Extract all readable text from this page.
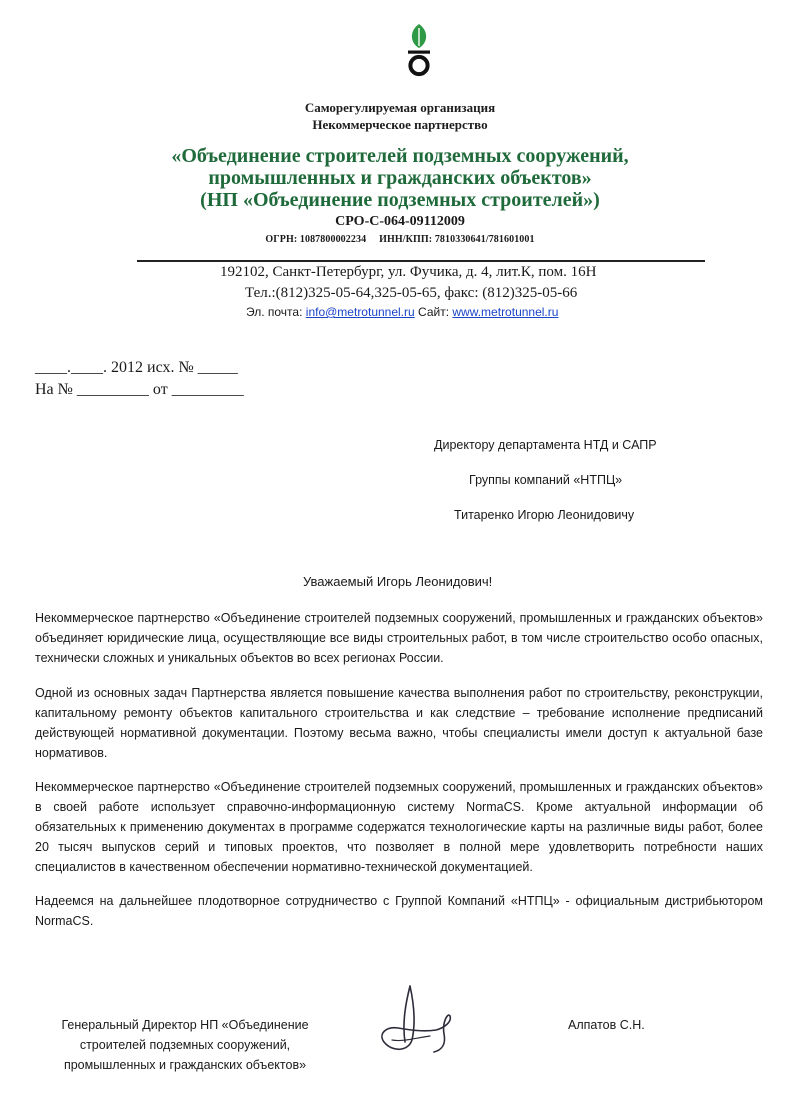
Саморегулируемая организация
Некоммерческое партнерство
«Объединение строителей подземных сооружений,
промышленных и гражданских объектов»
(НП «Объединение подземных строителей»)
СРО-С-064-09112009
ОГРН: 1087800002234     ИНН/КПП: 7810330641/781601001
192102, Санкт-Петербург, ул. Фучика, д. 4, лит.К, пом. 16Н
Тел.:(812)325-05-64,325-05-65, факс: (812)325-05-66
Эл. почта: info@metrotunnel.ru Сайт: www.metrotunnel.ru
____.____. 2012 исх. № _____
На № _________ от _________
Директору департамента НТД и САПР
Группы компаний «НТПЦ»
Титаренко Игорю Леонидовичу
Уважаемый Игорь Леонидович!
Некоммерческое партнерство «Объединение строителей подземных сооружений, промышленных и гражданских объектов» объединяет юридические лица, осуществляющие все виды строительных работ, в том числе строительство особо опасных, технически сложных и уникальных объектов во всех регионах России.
Одной из основных задач Партнерства является повышение качества выполнения работ по строительству, реконструкции, капитальному ремонту объектов капитального строительства и как следствие – требование исполнение предписаний действующей нормативной документации. Поэтому весьма важно, чтобы специалисты имели доступ к актуальной базе нормативов.
Некоммерческое партнерство «Объединение строителей подземных сооружений, промышленных и гражданских объектов» в своей работе использует справочно-информационную систему NormaCS. Кроме актуальной информации об обязательных к применению документах в программе содержатся технологические карты на различные виды работ, более 20 тысяч выпусков серий и типовых проектов, что позволяет в полной мере удовлетворить потребности наших специалистов в качественном обеспечении нормативно-технической документацией.
Надеемся на дальнейшее плодотворное сотрудничество с Группой Компаний «НТПЦ» - официальным дистрибьютором NormaCS.
Генеральный Директор НП «Объединение
строителей подземных сооружений,
промышленных и гражданских объектов»
Алпатов С.Н.
